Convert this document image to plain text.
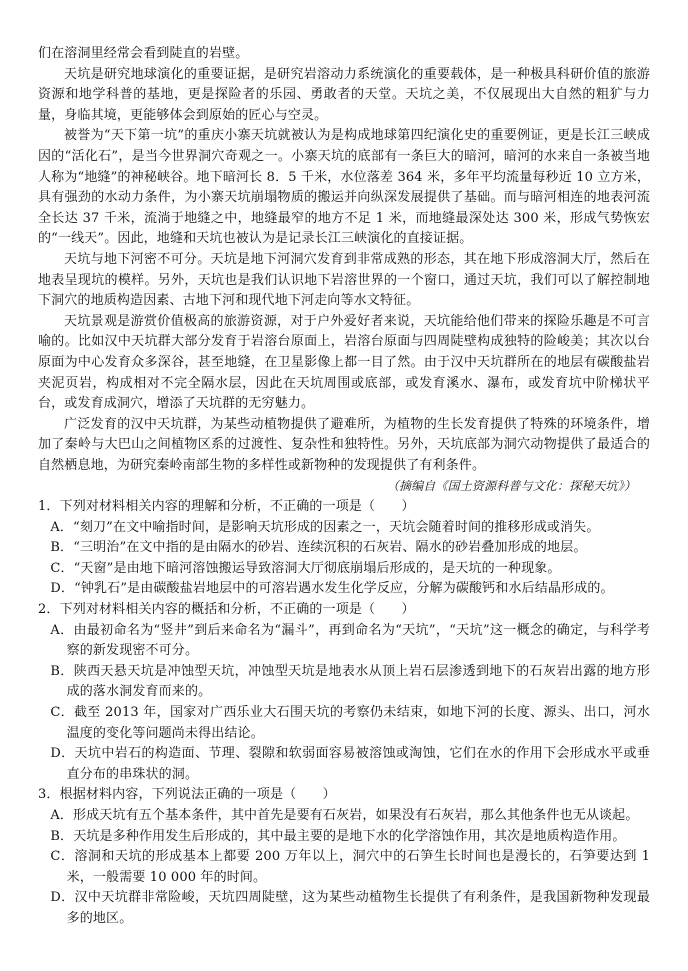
们在溶洞里经常会看到陡直的岩壁。

天坑是研究地球演化的重要证据，是研究岩溶动力系统演化的重要载体，是一种极具科研价值的旅游资源和地学科普的基地，更是探险者的乐园、勇敢者的天堂。天坑之美，不仅展现出大自然的粗犷与力量，身临其境，更能够体会到原始的匠心与空灵。

被誉为“天下第一坑”的重庆小寨天坑就被认为是构成地球第四纪演化史的重要例证，更是长江三峡成因的“活化石”，是当今世界洞穴奇观之一。小寨天坑的底部有一条巨大的暗河，暗河的水来自一条被当地人称为“地缝”的神秘峡谷。地下暗河长 8．5 千米，水位落差 364 米，多年平均流量每秒近 10 立方米，具有强劲的水动力条件，为小寨天坑崩塌物质的搬运并向纵深发展提供了基础。而与暗河相连的地表河流全长达 37 千米，流淌于地缝之中，地缝最窄的地方不足 1 米，而地缝最深处达 300 米，形成气势恢宏的“一线天”。因此，地缝和天坑也被认为是记录长江三峡演化的直接证据。

天坑与地下河密不可分。天坑是地下河洞穴发育到非常成熟的形态，其在地下形成溶洞大厅，然后在地表呈现坑的模样。另外，天坑也是我们认识地下岩溶世界的一个窗口，通过天坑，我们可以了解控制地下洞穴的地质构造因素、古地下河和现代地下河走向等水文特征。

天坑景观是游赏价值极高的旅游资源，对于户外爱好者来说，天坑能给他们带来的探险乐趣是不可言喻的。比如汉中天坑群大部分发育于岩溶台原面上，岩溶台原面与四周陡壁构成独特的险峻美；其次以台原面为中心发育众多深谷，甚至地缝，在卫星影像上都一目了然。由于汉中天坑群所在的地层有碳酸盐岩夹泥页岩，构成相对不完全隔水层，因此在天坑周围或底部，或发育溪水、瀑布，或发育坑中阶梯状平台，或发育成洞穴，增添了天坑群的无穷魅力。

广泛发育的汉中天坑群，为某些动植物提供了避难所，为植物的生长发育提供了特殊的环境条件，增加了秦岭与大巴山之间植物区系的过渡性、复杂性和独特性。另外，天坑底部为洞穴动物提供了最适合的自然栖息地，为研究秦岭南部生物的多样性或新物种的发现提供了有利条件。

（摘编自《国土资源科普与文化：探秘天坑》）

1．下列对材料相关内容的理解和分析，不正确的一项是（　　）

A．“刻刀”在文中喻指时间，是影响天坑形成的因素之一，天坑会随着时间的推移形成或消失。

B．“三明治”在文中指的是由隔水的砂岩、连续沉积的石灰岩、隔水的砂岩叠加形成的地层。

C．“天窗”是由地下暗河溶蚀搬运导致溶洞大厅彻底崩塌后形成的，是天坑的一种现象。

D．“钟乳石”是由碳酸盐岩地层中的可溶岩遇水发生化学反应，分解为碳酸钙和水后结晶形成的。

2．下列对材料相关内容的概括和分析，不正确的一项是（　　）

A．由最初命名为“竖井”到后来命名为“漏斗”，再到命名为“天坑”，“天坑”这一概念的确定，与科学考察的新发现密不可分。

B．陕西天悬天坑是冲蚀型天坑，冲蚀型天坑是地表水从顶上岩石层渗透到地下的石灰岩出露的地方形成的落水洞发育而来的。

C．截至 2013 年，国家对广西乐业大石围天坑的考察仍未结束，如地下河的长度、源头、出口，河水温度的变化等问题尚未得出结论。

D．天坑中岩石的构造面、节理、裂隙和软弱面容易被溶蚀或淘蚀，它们在水的作用下会形成水平或垂直分布的串珠状的洞。

3．根据材料内容，下列说法正确的一项是（　　）

A．形成天坑有五个基本条件，其中首先是要有石灰岩，如果没有石灰岩，那么其他条件也无从谈起。

B．天坑是多种作用发生后形成的，其中最主要的是地下水的化学溶蚀作用，其次是地质构造作用。

C．溶洞和天坑的形成基本上都要 200 万年以上，洞穴中的石笋生长时间也是漫长的，石笋要达到 1 米，一般需要 10 000 年的时间。

D．汉中天坑群非常险峻，天坑四周陡壁，这为某些动植物生长提供了有利条件，是我国新物种发现最多的地区。
